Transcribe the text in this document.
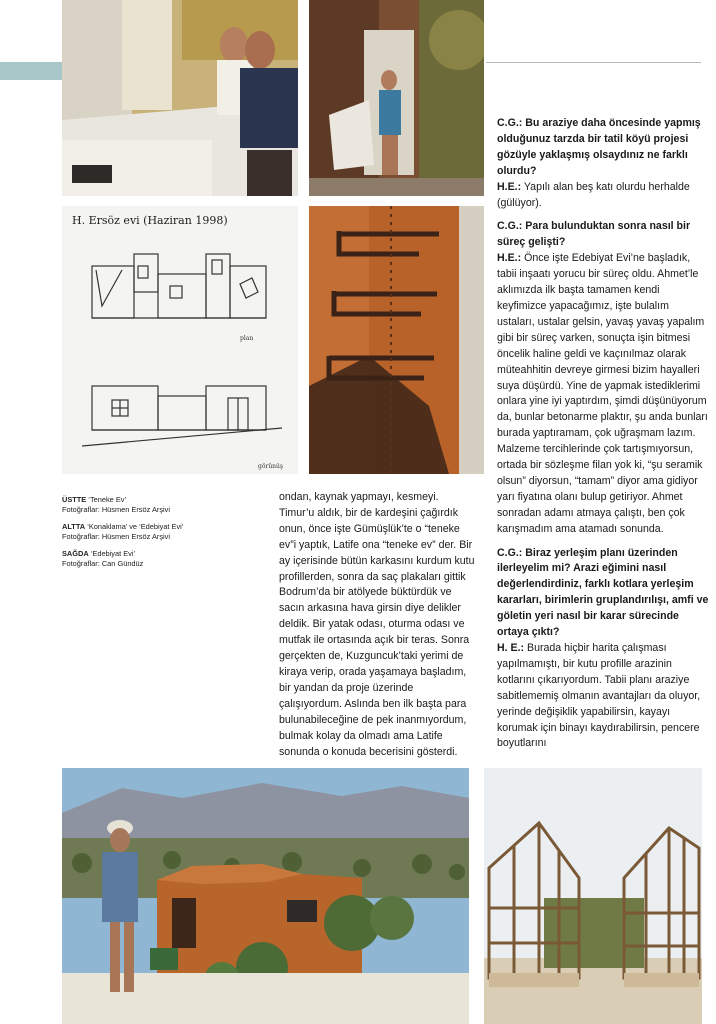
H. Ersöz evi (Haziran 1998)
plan
görünüş
ÜSTTE ‘Teneke Ev’
Fotoğraflar: Hüsmen Ersöz Arşivi
ALTTA ‘Konaklama’ ve ‘Edebiyat Evi’
Fotoğraflar: Hüsmen Ersöz Arşivi
SAĞDA ‘Edebiyat Evi’
Fotoğraflar: Can Gündüz
ondan, kaynak yapmayı, kesmeyi. Timur’u aldık, bir de kardeşini çağırdık onun, önce işte Gümüşlük’te o “teneke ev”i yaptık, Latife ona “teneke ev” der. Bir ay içerisinde bütün karkasını kurdum kutu profillerden, sonra da saç plakaları gittik Bodrum’da bir atölyede büktürdük ve sacın arkasına hava girsin diye delikler deldik. Bir yatak odası, oturma odası ve mutfak ile ortasında açık bir teras. Sonra gerçekten de, Kuzguncuk’taki yerimi de kiraya verip, orada yaşamaya başladım, bir yandan da proje üzerinde çalışıyordum. Aslında ben ilk başta para bulunabileceğine de pek inanmıyordum, bulmak kolay da olmadı ama Latife sonunda o konuda becerisini gösterdi.
C.G.: Bu araziye daha öncesinde yapmış olduğunuz tarzda bir tatil köyü projesi gözüyle yaklaşmış olsaydınız ne farklı olurdu?
H.E.: Yapılı alan beş katı olurdu herhalde (gülüyor).
C.G.: Para bulunduktan sonra nasıl bir süreç gelişti?
H.E.: Önce işte Edebiyat Evi’ne başladık, tabii inşaatı yorucu bir süreç oldu. Ahmet’le aklımızda ilk başta tamamen kendi keyfimizce yapacağımız, işte bulalım ustaları, ustalar gelsin, yavaş yavaş yapalım gibi bir süreç varken, sonuçta işin bitmesi öncelik haline geldi ve kaçınılmaz olarak müteahhitin devreye girmesi bizim hayalleri suya düşürdü. Yine de yapmak istediklerimi onlara yine iyi yaptırdım, şimdi düşünüyorum da, bunlar betonarme plaktır, şu anda bunları burada yaptıramam, çok uğraşmam lazım. Malzeme tercihlerinde çok tartışmıyorsun, ortada bir sözleşme filan yok ki, “şu seramik olsun” diyorsun, “tamam” diyor ama gidiyor yarı fiyatına olanı bulup getiriyor. Ahmet sonradan adamı atmaya çalıştı, ben çok karışmadım ama atamadı sonunda.
C.G.: Biraz yerleşim planı üzerinden ilerleyelim mi? Arazi eğimini nasıl değerlendirdiniz, farklı kotlara yerleşim kararları, birimlerin gruplandırılışı, amfi ve göletin yeri nasıl bir karar sürecinde ortaya çıktı?
H. E.: Burada hiçbir harita çalışması yapılmamıştı, bir kutu profille arazinin kotlarını çıkarıyordum. Tabii planı araziye sabitlememiş olmanın avantajları da oluyor, yerinde değişiklik yapabilirsin, kayayı korumak için binayı kaydırabilirsin, pencere boyutlarını
